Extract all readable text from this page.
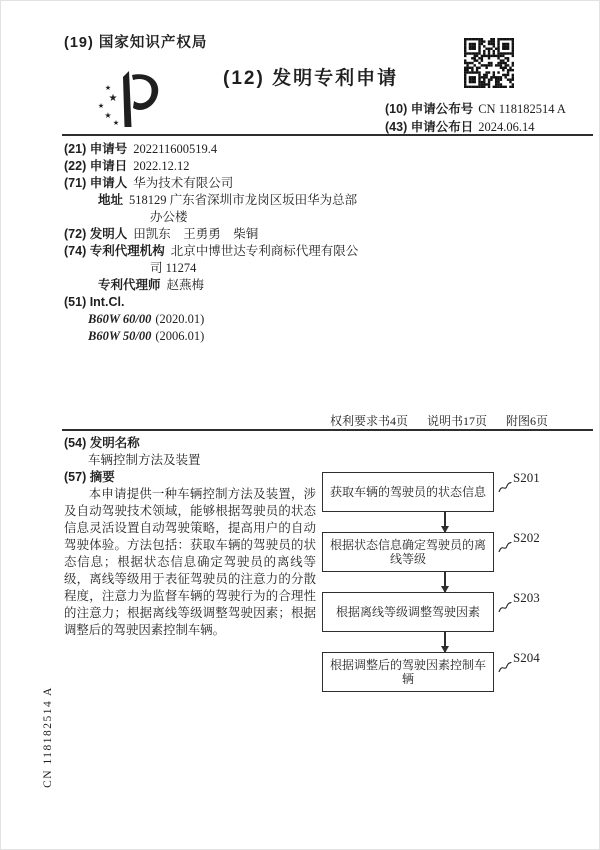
(19) 国家知识产权局
★
★
★
★
★
(12) 发明专利申请
(10) 申请公布号 CN 118182514 A
(43) 申请公布日 2024.06.14

(21) 申请号 202211600519.4

(22) 申请日 2022.12.12

(71) 申请人 华为技术有限公司

地址 518129 广东省深圳市龙岗区坂田华为总部办公楼

(72) 发明人 田凯东　王勇勇　柴铜

(74) 专利代理机构 北京中博世达专利商标代理有限公司 11274

专利代理师 赵燕梅

(51) Int.Cl.

B60W 60/00 (2020.01)

B60W 50/00 (2006.01)

权利要求书4页 说明书17页 附图6页

(54) 发明名称

车辆控制方法及装置

(57) 摘要

本申请提供一种车辆控制方法及装置，涉及自动驾驶技术领域，能够根据驾驶员的状态信息灵活设置自动驾驶策略，提高用户的自动驾驶体验。方法包括：获取车辆的驾驶员的状态信息；根据状态信息确定驾驶员的离线等级，离线等级用于表征驾驶员的注意力的分散程度，注意力为监督车辆的驾驶行为的合理性的注意力；根据离线等级调整驾驶因素；根据调整后的驾驶因素控制车辆。

获取车辆的驾驶员的状态信息
S201
根据状态信息确定驾驶员的离线等级
S202
根据离线等级调整驾驶因素
S203
根据调整后的驾驶因素控制车辆
S204
CN 118182514 A
